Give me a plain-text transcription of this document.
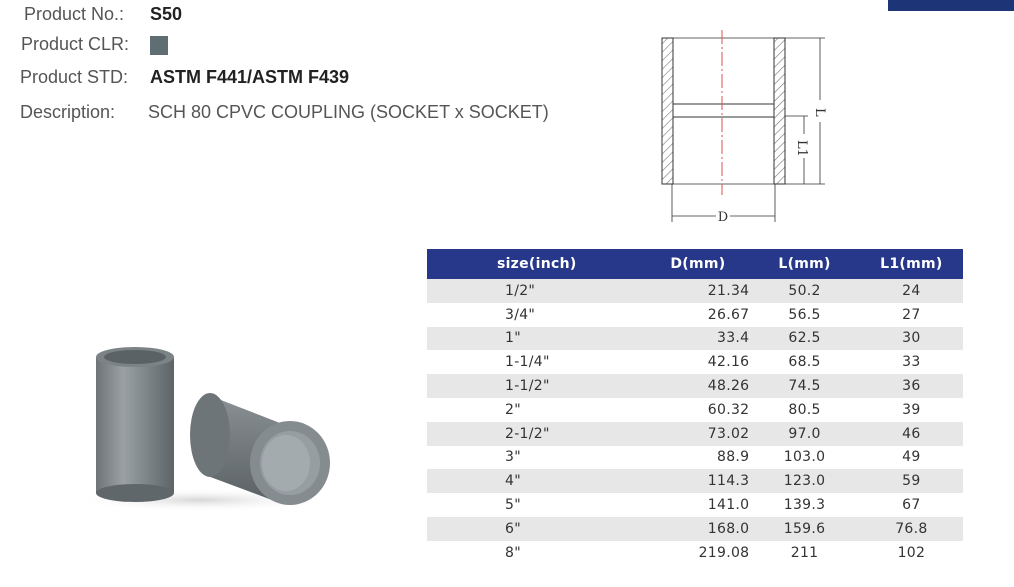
Product No.: S50
Product CLR:
Product STD: ASTM F441/ASTM F439
Description: SCH 80 CPVC COUPLING (SOCKET x SOCKET)
D
L
L1
size(inch)	D(mm)	L(mm)	L1(mm)
1/2"	21.34	50.2	24
3/4"	26.67	56.5	27
1"	33.4	62.5	30
1-1/4"	42.16	68.5	33
1-1/2"	48.26	74.5	36
2"	60.32	80.5	39
2-1/2"	73.02	97.0	46
3"	88.9	103.0	49
4"	114.3	123.0	59
5"	141.0	139.3	67
6"	168.0	159.6	76.8
8"	219.08	211	102
